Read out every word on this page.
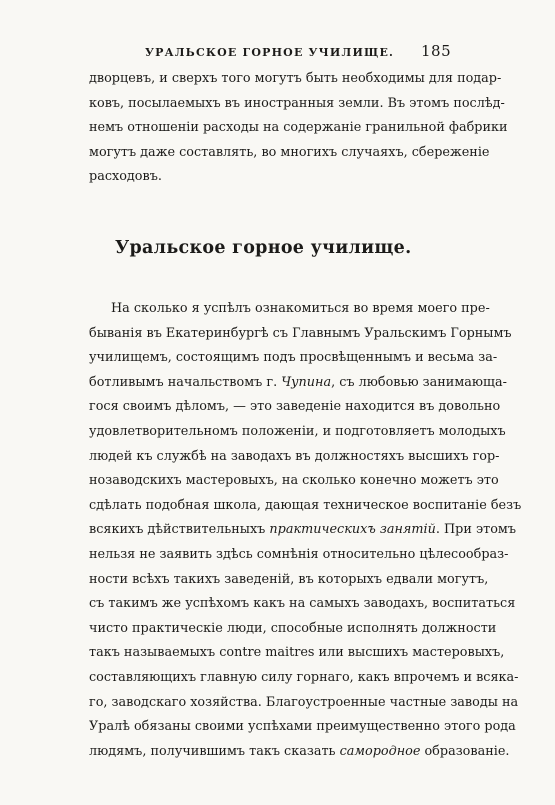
УРАЛЬСКОЕ ГОРНОЕ УЧИЛИЩЕ. 185
дворцевъ, и сверхъ того могутъ быть необходимы для подар-
ковъ, посылаемыхъ въ иностранныя земли. Въ этомъ послѣд-
немъ отношеніи расходы на содержаніе гранильной фабрики
могутъ даже составлять, во многихъ случаяхъ, сбереженіе
расходовъ.
Уральское горное училище.
На сколько я успѣлъ ознакомиться во время моего пре-
быванія въ Екатеринбургѣ съ Главнымъ Уральскимъ Горнымъ
училищемъ, состоящимъ подъ просвѣщеннымъ и весьма за-
ботливымъ начальствомъ г. Чупина, съ любовью занимающа-
гося своимъ дѣломъ, — это заведеніе находится въ довольно
удовлетворительномъ положеніи, и подготовляетъ молодыхъ
людей къ службѣ на заводахъ въ должностяхъ высшихъ гор-
нозаводскихъ мастеровыхъ, на сколько конечно можетъ это
сдѣлать подобная школа, дающая техническое воспитаніе безъ
всякихъ дѣйствительныхъ практическихъ занятій. При этомъ
нельзя не заявить здѣсь сомнѣнія относительно цѣлесообраз-
ности всѣхъ такихъ заведеній, въ которыхъ едвали могутъ,
съ такимъ же успѣхомъ какъ на самыхъ заводахъ, воспитаться
чисто практическіе люди, способные исполнять должности
такъ называемыхъ contre maitres или высшихъ мастеровыхъ,
составляющихъ главную силу горнаго, какъ впрочемъ и всяка-
го, заводскаго хозяйства. Благоустроенные частные заводы на
Уралѣ обязаны своими успѣхами преимущественно этого рода
людямъ, получившимъ такъ сказать самородное образованіе.
